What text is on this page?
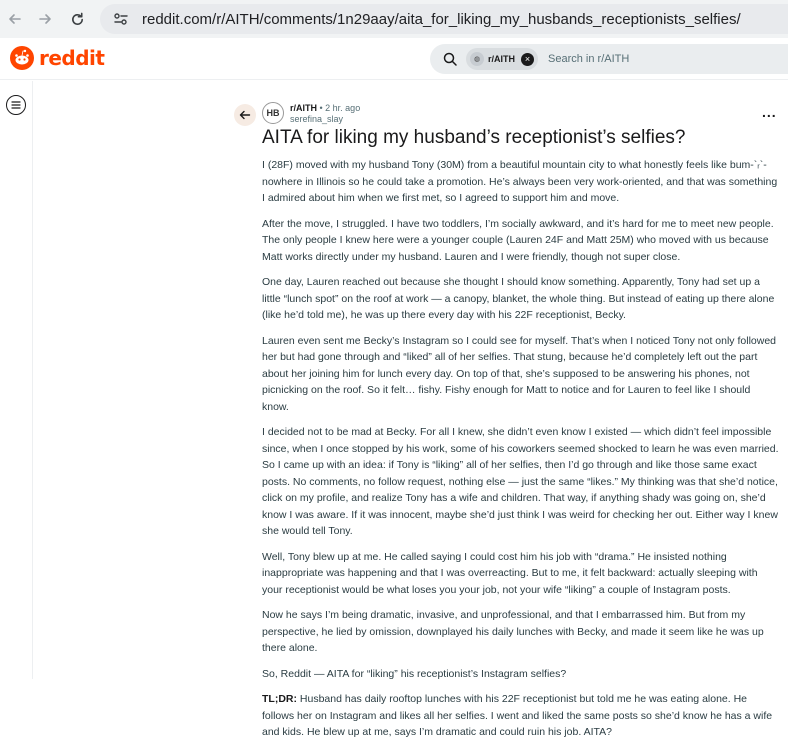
reddit.com/r/AITH/comments/1n29aay/aita_for_liking_my_husbands_receptionists_selfies/
reddit	◍ r/AITH	×	Search in r/AITH
HB	r/AITH • 2 hr. ago
serefina_slay	...
AITA for liking my husband’s receptionist’s selfies?

I (28F) moved with my husband Tony (30M) from a beautiful mountain city to what honestly feels like bum-`ᵣ`-nowhere in Illinois so he could take a promotion. He’s always been very work-oriented, and that was something I admired about him when we first met, so I agreed to support him and move.

After the move, I struggled. I have two toddlers, I’m socially awkward, and it’s hard for me to meet new people. The only people I knew here were a younger couple (Lauren 24F and Matt 25M) who moved with us because Matt works directly under my husband. Lauren and I were friendly, though not super close.

One day, Lauren reached out because she thought I should know something. Apparently, Tony had set up a little “lunch spot” on the roof at work — a canopy, blanket, the whole thing. But instead of eating up there alone (like he’d told me), he was up there every day with his 22F receptionist, Becky.

Lauren even sent me Becky’s Instagram so I could see for myself. That’s when I noticed Tony not only followed her but had gone through and “liked” all of her selfies. That stung, because he’d completely left out the part about her joining him for lunch every day. On top of that, she’s supposed to be answering his phones, not picnicking on the roof. So it felt… fishy. Fishy enough for Matt to notice and for Lauren to feel like I should know.

I decided not to be mad at Becky. For all I knew, she didn’t even know I existed — which didn’t feel impossible since, when I once stopped by his work, some of his coworkers seemed shocked to learn he was even married. So I came up with an idea: if Tony is “liking” all of her selfies, then I’d go through and like those same exact posts. No comments, no follow request, nothing else — just the same “likes.” My thinking was that she’d notice, click on my profile, and realize Tony has a wife and children. That way, if anything shady was going on, she’d know I was aware. If it was innocent, maybe she’d just think I was weird for checking her out. Either way I knew she would tell Tony.

Well, Tony blew up at me. He called saying I could cost him his job with “drama.” He insisted nothing inappropriate was happening and that I was overreacting. But to me, it felt backward: actually sleeping with your receptionist would be what loses you your job, not your wife “liking” a couple of Instagram posts.

Now he says I’m being dramatic, invasive, and unprofessional, and that I embarrassed him. But from my perspective, he lied by omission, downplayed his daily lunches with Becky, and made it seem like he was up there alone.

So, Reddit — AITA for “liking” his receptionist’s Instagram selfies?

TL;DR: Husband has daily rooftop lunches with his 22F receptionist but told me he was eating alone. He follows her on Instagram and likes all her selfies. I went and liked the same posts so she’d know he has a wife and kids. He blew up at me, says I’m dramatic and could ruin his job. AITA?
